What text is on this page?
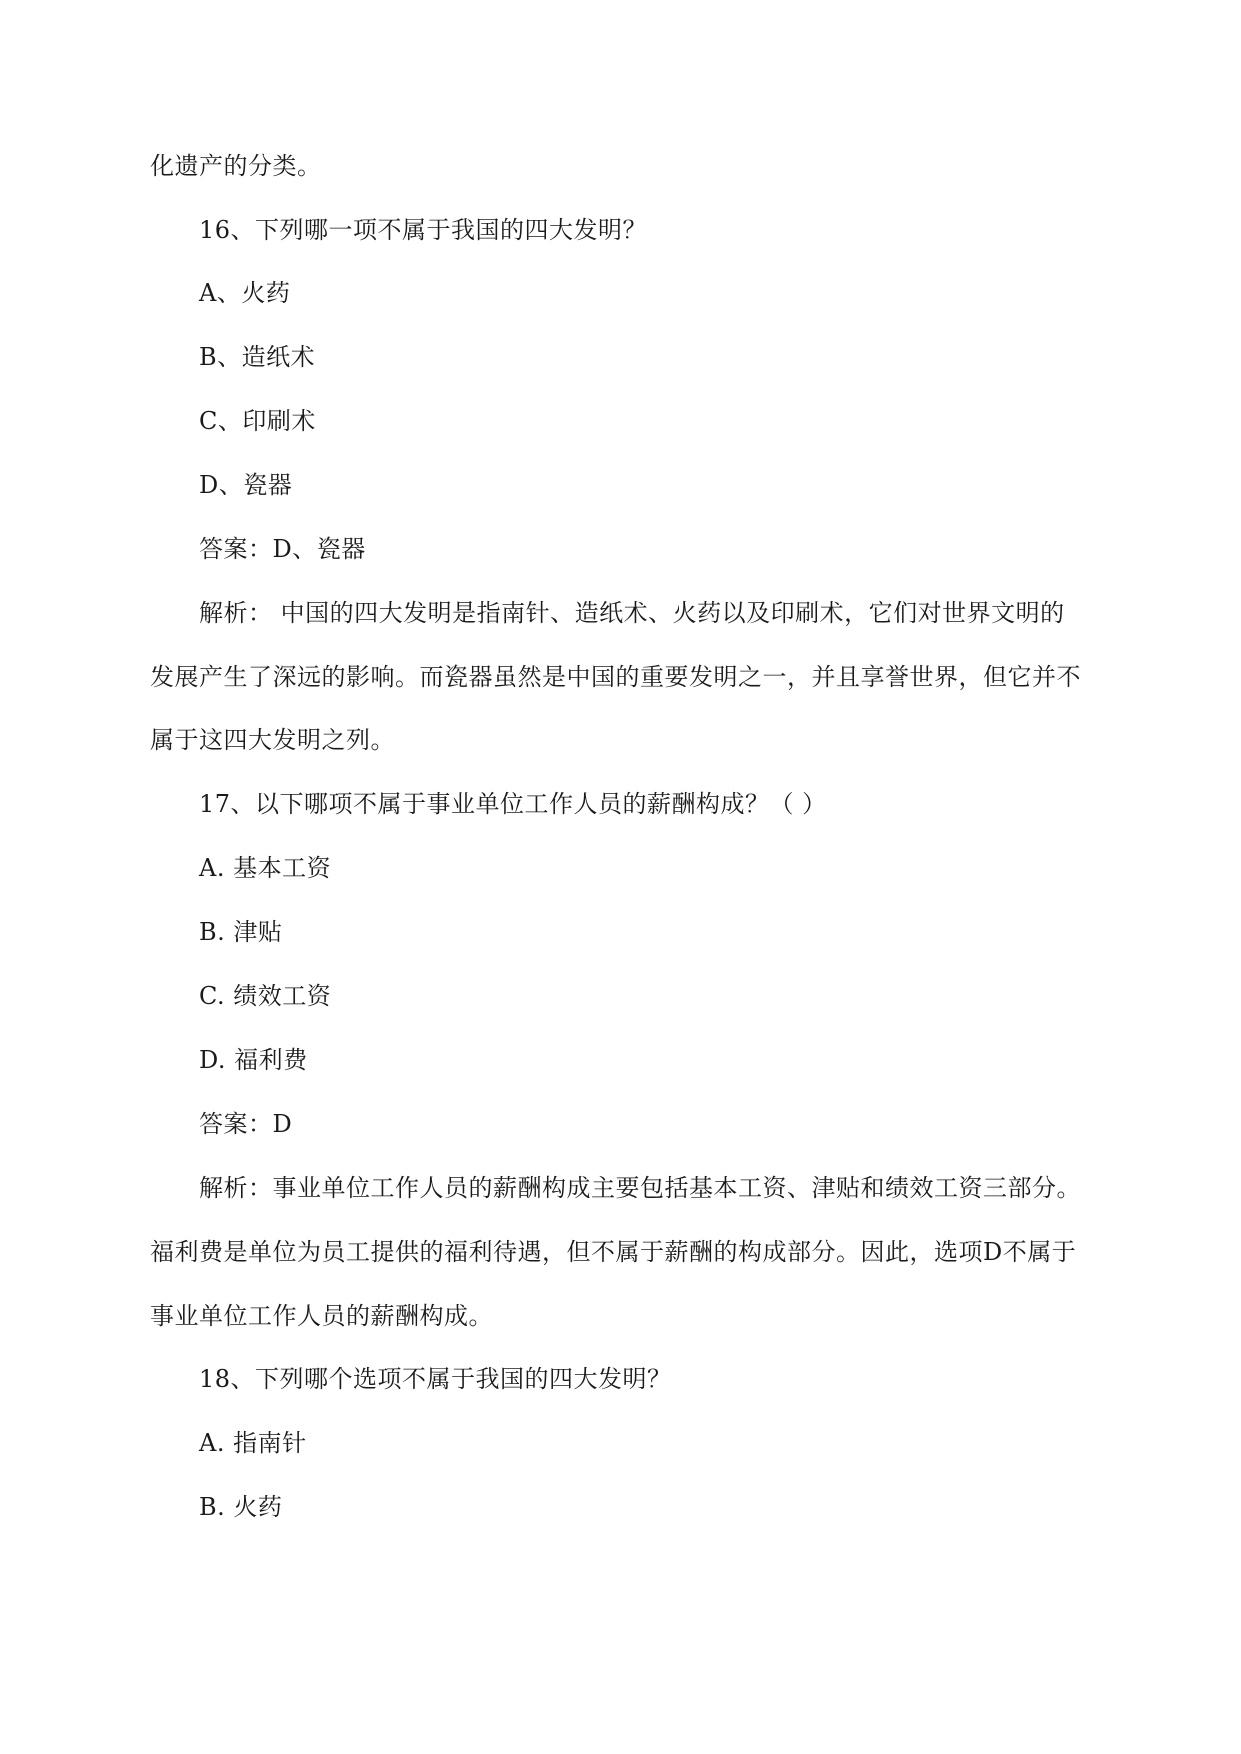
化遗产的分类。
16、下列哪一项不属于我国的四大发明？
A、火药
B、造纸术
C、印刷术
D、瓷器
答案：D、瓷器
解析： 中国的四大发明是指南针、造纸术、火药以及印刷术，它们对世界文明的
发展产生了深远的影响。而瓷器虽然是中国的重要发明之一，并且享誉世界，但它并不
属于这四大发明之列。
17、以下哪项不属于事业单位工作人员的薪酬构成？（ ）
A. 基本工资
B. 津贴
C. 绩效工资
D. 福利费
答案：D
解析：事业单位工作人员的薪酬构成主要包括基本工资、津贴和绩效工资三部分。
福利费是单位为员工提供的福利待遇，但不属于薪酬的构成部分。因此，选项D不属于
事业单位工作人员的薪酬构成。
18、下列哪个选项不属于我国的四大发明？
A. 指南针
B. 火药
